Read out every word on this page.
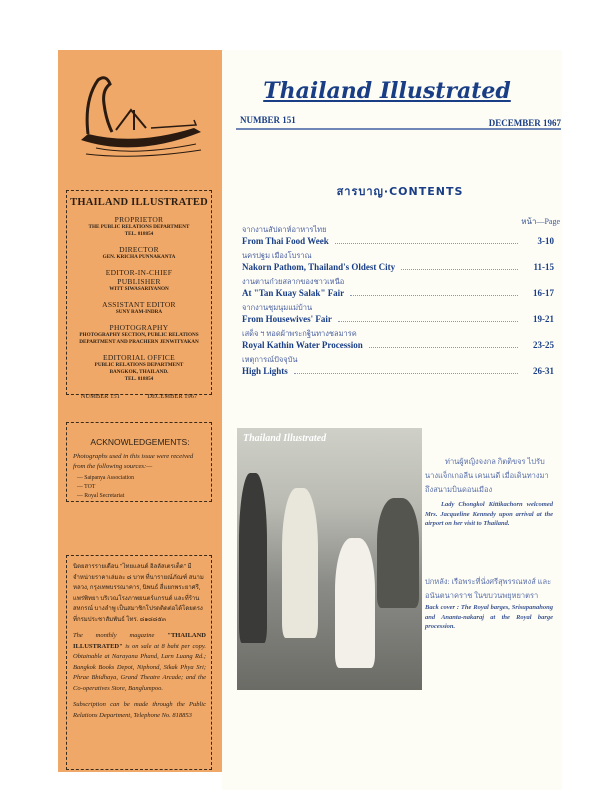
THAILAND ILLUSTRATED
PROPRIETOR
THE PUBLIC RELATIONS DEPARTMENT
TEL. 818854
DIRECTOR
GEN. KRICHA PUNNAKANTA
EDITOR-IN-CHIEF
PUBLISHER
WITT SIWASARIYANON
ASSISTANT EDITOR
SUNY RAM-INDRA
PHOTOGRAPHY
PHOTOGRAPHY SECTION, PUBLIC RELATIONS
DEPARTMENT AND PRACHERN JENWITYAKAN
EDITORIAL OFFICE
PUBLIC RELATIONS DEPARTMENT
BANGKOK, THAILAND.
TEL. 818854
NUMBER 151	DECEMBER 1967
ACKNOWLEDGEMENTS:
Photographs used in this issue were received from the following sources:—
— Saipanya Association
— TOT
— Royal Secretariat
นิตยสารรายเดือน "ไทยแลนด์ อิลลัสเตรเต็ด" มีจำหน่ายราคาเล่มละ ๘ บาท ที่นารายณ์ภัณฑ์ สนามหลวง, กรุงเทพบรรณาคาร, นิพนธ์ สี่แยกพระยาศรี, แพร่พิทยา บริเวณโรงภาพยนตร์แกรนด์ และที่ร้านสหกรณ์ บางลำพู เป็นสมาชิกโปรดติดต่อได้โดยตรงที่กรมประชาสัมพันธ์ โทร. ๘๑๘๘๕๓
The monthly magazine "THAILAND ILLUSTRATED" is on sale at 8 baht per copy. Obtainable at Narayana Phand, Larn Luang Rd.; Bangkok Books Depot, Niphond, Sikak Phya Sri; Phrae Bhidhaya, Grand Theatre Arcade; and the Co-operatives Store, Banglumpoo.
Subscription can be made through the Public Relations Department, Telephone No. 818853
Thailand Illustrated
NUMBER 151	DECEMBER 1967
สารบาญ·CONTENTS
หน้า—Page
จากงานสัปดาห์อาหารไทย
From Thai Food Week	3-10
นครปฐม เมืองโบราณ
Nakorn Pathom, Thailand's Oldest City	11-15
งานตานก๋วยสลากของชาวเหนือ
At "Tan Kuay Salak" Fair	16-17
จากงานชุมนุมแม่บ้าน
From Housewives' Fair	19-21
เสด็จ ฯ ทอดผ้าพระกฐินทางชลมารค
Royal Kathin Water Procession	23-25
เหตุการณ์ปัจจุบัน
High Lights	26-31
Thailand Illustrated
ท่านผู้หญิงจงกล กิตติขจร ไปรับนางแจ็กเกอลีน เคนเนดี เมื่อเดินทางมาถึงสนามบินดอนเมือง
Lady Chongkol Kittikachorn welcomed Mrs. Jacqueline Kennedy upon arrival at the airport on her visit to Thailand.
ปกหลัง: เรือพระที่นั่งศรีสุพรรณหงส์ และ อนันตนาคราช ในขบวนพยุหยาตรา
Back cover : The Royal barges, Srisupanahong and Ananta-nakaraj at the Royal barge procession.
